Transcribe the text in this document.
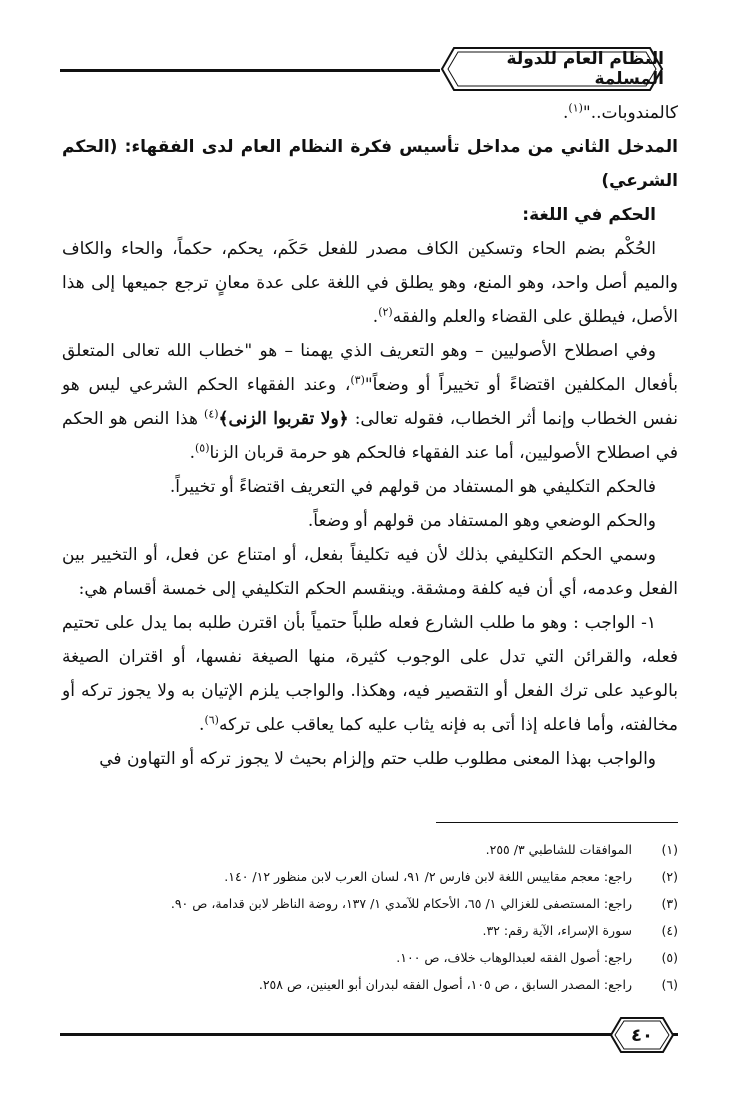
النظام العام للدولة المسلمة

كالمندوبات.."$^{(١)}$.

المدخل الثاني من مداخل تأسيس فكرة النظام العام لدى الفقهاء: (الحكم الشرعي)

الحكم في اللغة:

الحُكْم بضم الحاء وتسكين الكاف مصدر للفعل حَكَم، يحكم، حكماً، والحاء والكاف والميم أصل واحد، وهو المنع، وهو يطلق في اللغة على عدة معانٍ ترجع جميعها إلى هذا الأصل، فيطلق على القضاء والعلم والفقه$^{(٢)}$.

وفي اصطلاح الأصوليين – وهو التعريف الذي يهمنا – هو "خطاب الله تعالى المتعلق بأفعال المكلفين اقتضاءً أو تخييراً أو وضعاً"$^{(٣)}$، وعند الفقهاء الحكم الشرعي ليس هو نفس الخطاب وإنما أثر الخطاب، فقوله تعالى: ﴿ولا تقربوا الزنى﴾$^{(٤)}$ هذا النص هو الحكم في اصطلاح الأصوليين، أما عند الفقهاء فالحكم هو حرمة قربان الزنا$^{(٥)}$.

فالحكم التكليفي هو المستفاد من قولهم في التعريف اقتضاءً أو تخييراً.

والحكم الوضعي وهو المستفاد من قولهم أو وضعاً.

وسمي الحكم التكليفي بذلك لأن فيه تكليفاً بفعل، أو امتناع عن فعل، أو التخيير بين الفعل وعدمه، أي أن فيه كلفة ومشقة. وينقسم الحكم التكليفي إلى خمسة أقسام هي:

١- الواجب : وهو ما طلب الشارع فعله طلباً حتمياً بأن اقترن طلبه بما يدل على تحتيم فعله، والقرائن التي تدل على الوجوب كثيرة، منها الصيغة نفسها، أو اقتران الصيغة بالوعيد على ترك الفعل أو التقصير فيه، وهكذا. والواجب يلزم الإتيان به ولا يجوز تركه أو مخالفته، وأما فاعله إذا أتى به فإنه يثاب عليه كما يعاقب على تركه$^{(٦)}$.

والواجب بهذا المعنى مطلوب طلب حتم وإلزام بحيث لا يجوز تركه أو التهاون في

(١)
الموافقات للشاطبي ٣/ ٢٥٥.
(٢)
راجع: معجم مقاييس اللغة لابن فارس ٢/ ٩١، لسان العرب لابن منظور ١٢/ ١٤٠.
(٣)
راجع: المستصفى للغزالي ١/ ٦٥، الأحكام للآمدي ١/ ١٣٧، روضة الناظر لابن قدامة، ص ٩٠.
(٤)
سورة الإسراء، الآية رقم: ٣٢.
(٥)
راجع: أصول الفقه لعبدالوهاب خلاف، ص ١٠٠.
(٦)
راجع: المصدر السابق ، ص ١٠٥، أصول الفقه لبدران أبو العينين، ص ٢٥٨.
٤٠
